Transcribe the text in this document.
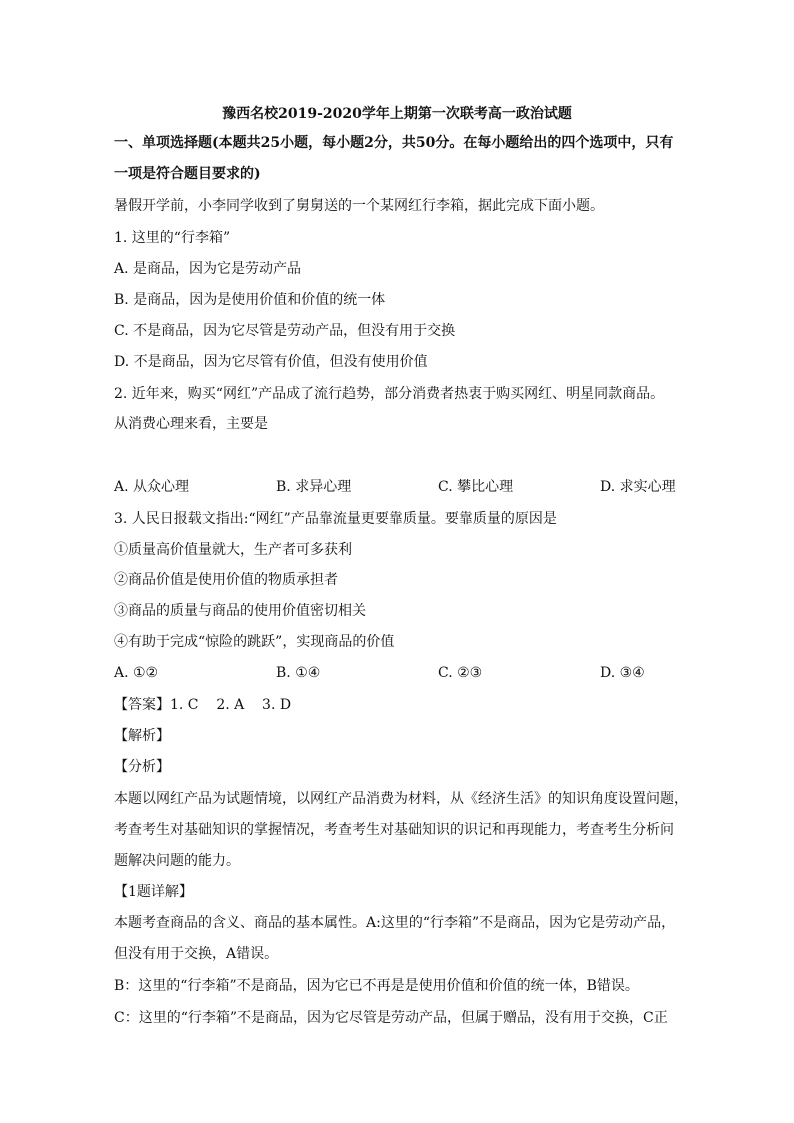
豫西名校2019-2020学年上期第一次联考高一政治试题
一、单项选择题(本题共25小题，每小题2分，共50分。在每小题给出的四个选项中，只有
一项是符合题目要求的)
暑假开学前，小李同学收到了舅舅送的一个某网红行李箱，据此完成下面小题。
1. 这里的“行李箱”
A. 是商品，因为它是劳动产品
B. 是商品，因为是使用价值和价值的统一体
C. 不是商品，因为它尽管是劳动产品，但没有用于交换
D. 不是商品，因为它尽管有价值，但没有使用价值
2. 近年来，购买“网红”产品成了流行趋势，部分消费者热衷于购买网红、明星同款商品。
从消费心理来看，主要是
A. 从众心理	B. 求异心理	C. 攀比心理	D. 求实心理
3. 人民日报载文指出:“网红”产品靠流量更要靠质量。要靠质量的原因是
①质量高价值量就大，生产者可多获利
②商品价值是使用价值的物质承担者
③商品的质量与商品的使用价值密切相关
④有助于完成“惊险的跳跃”，实现商品的价值
A. ①②	B. ①④	C. ②③	D. ③④
【答案】1. C    2. A    3. D
【解析】
【分析】
本题以网红产品为试题情境，以网红产品消费为材料，从《经济生活》的知识角度设置问题，
考查考生对基础知识的掌握情况，考查考生对基础知识的识记和再现能力，考查考生分析问
题解决问题的能力。
【1题详解】
本题考查商品的含义、商品的基本属性。A:这里的“行李箱”不是商品，因为它是劳动产品，
但没有用于交换，A错误。
B：这里的“行李箱”不是商品，因为它已不再是是使用价值和价值的统一体，B错误。
C：这里的“行李箱”不是商品，因为它尽管是劳动产品，但属于赠品，没有用于交换，C正
